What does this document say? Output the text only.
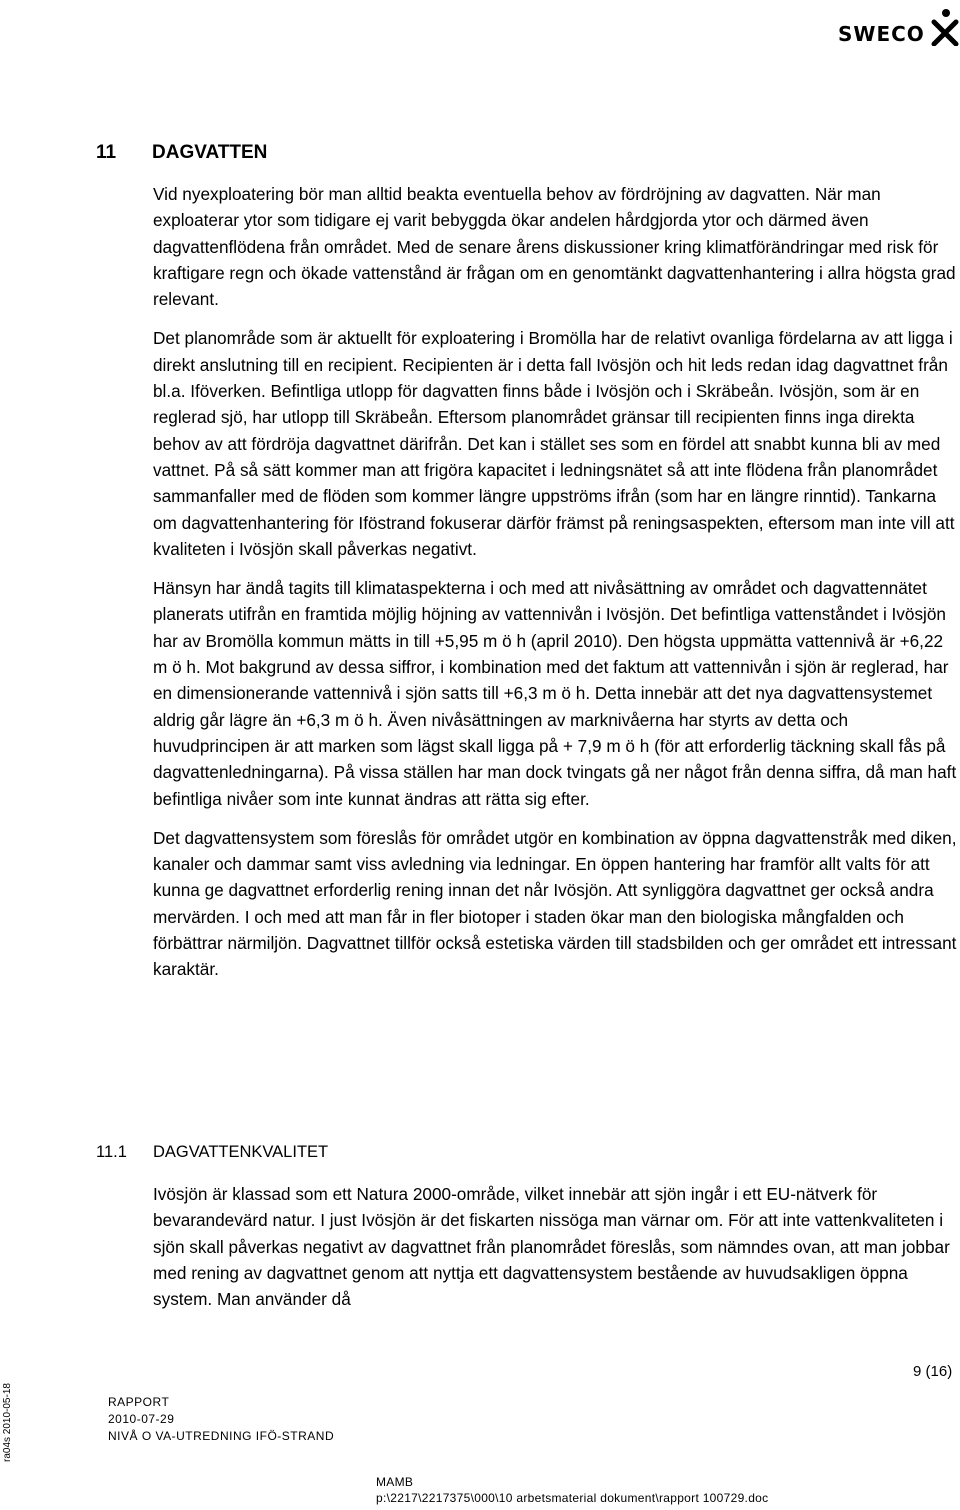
SWECO
11	DAGVATTEN

Vid nyexploatering bör man alltid beakta eventuella behov av fördröjning av dagvatten. När man exploaterar ytor som tidigare ej varit bebyggda ökar andelen hårdgjorda ytor och därmed även dagvattenflödena från området. Med de senare årens diskussioner kring klimatförändringar med risk för kraftigare regn och ökade vattenstånd är frågan om en genomtänkt dagvattenhantering i allra högsta grad relevant.

Det planområde som är aktuellt för exploatering i Bromölla har de relativt ovanliga fördelarna av att ligga i direkt anslutning till en recipient. Recipienten är i detta fall Ivösjön och hit leds redan idag dagvattnet från bl.a. Iföverken. Befintliga utlopp för dagvatten finns både i Ivösjön och i Skräbeån. Ivösjön, som är en reglerad sjö, har utlopp till Skräbeån. Eftersom planområdet gränsar till recipienten finns inga direkta behov av att fördröja dagvattnet därifrån. Det kan i stället ses som en fördel att snabbt kunna bli av med vattnet. På så sätt kommer man att frigöra kapacitet i ledningsnätet så att inte flödena från planområdet sammanfaller med de flöden som kommer längre uppströms ifrån (som har en längre rinntid). Tankarna om dagvattenhantering för Iföstrand fokuserar därför främst på reningsaspekten, eftersom man inte vill att kvaliteten i Ivösjön skall påverkas negativt.

Hänsyn har ändå tagits till klimataspekterna i och med att nivåsättning av området och dagvattennätet planerats utifrån en framtida möjlig höjning av vattennivån i Ivösjön. Det befintliga vattenståndet i Ivösjön har av Bromölla kommun mätts in till +5,95 m ö h (april 2010). Den högsta uppmätta vattennivå är +6,22 m ö h. Mot bakgrund av dessa siffror, i kombination med det faktum att vattennivån i sjön är reglerad, har en dimensionerande vattennivå i sjön satts till +6,3 m ö h. Detta innebär att det nya dagvattensystemet aldrig går lägre än +6,3 m ö h. Även nivåsättningen av marknivåerna har styrts av detta och huvudprincipen är att marken som lägst skall ligga på + 7,9 m ö h (för att erforderlig täckning skall fås på dagvattenledningarna). På vissa ställen har man dock tvingats gå ner något från denna siffra, då man haft befintliga nivåer som inte kunnat ändras att rätta sig efter.

Det dagvattensystem som föreslås för området utgör en kombination av öppna dagvattenstråk med diken, kanaler och dammar samt viss avledning via ledningar. En öppen hantering har framför allt valts för att kunna ge dagvattnet erforderlig rening innan det når Ivösjön. Att synliggöra dagvattnet ger också andra mervärden. I och med att man får in fler biotoper i staden ökar man den biologiska mångfalden och förbättrar närmiljön. Dagvattnet tillför också estetiska värden till stadsbilden och ger området ett intressant karaktär.

11.1	DAGVATTENKVALITET

Ivösjön är klassad som ett Natura 2000-område, vilket innebär att sjön ingår i ett EU-nätverk för bevarandevärd natur. I just Ivösjön är det fiskarten nissöga man värnar om. För att inte vattenkvaliteten i sjön skall påverkas negativt av dagvattnet från planområdet föreslås, som nämndes ovan, att man jobbar med rening av dagvattnet genom att nyttja ett dagvattensystem bestående av huvudsakligen öppna system. Man använder då

ra04s 2010-05-18
9 (16)
RAPPORT
2010-07-29
NIVÅ O VA-UTREDNING IFÖ-STRAND
MAMB
p:\2217\2217375\000\10 arbetsmaterial dokument\rapport 100729.doc
